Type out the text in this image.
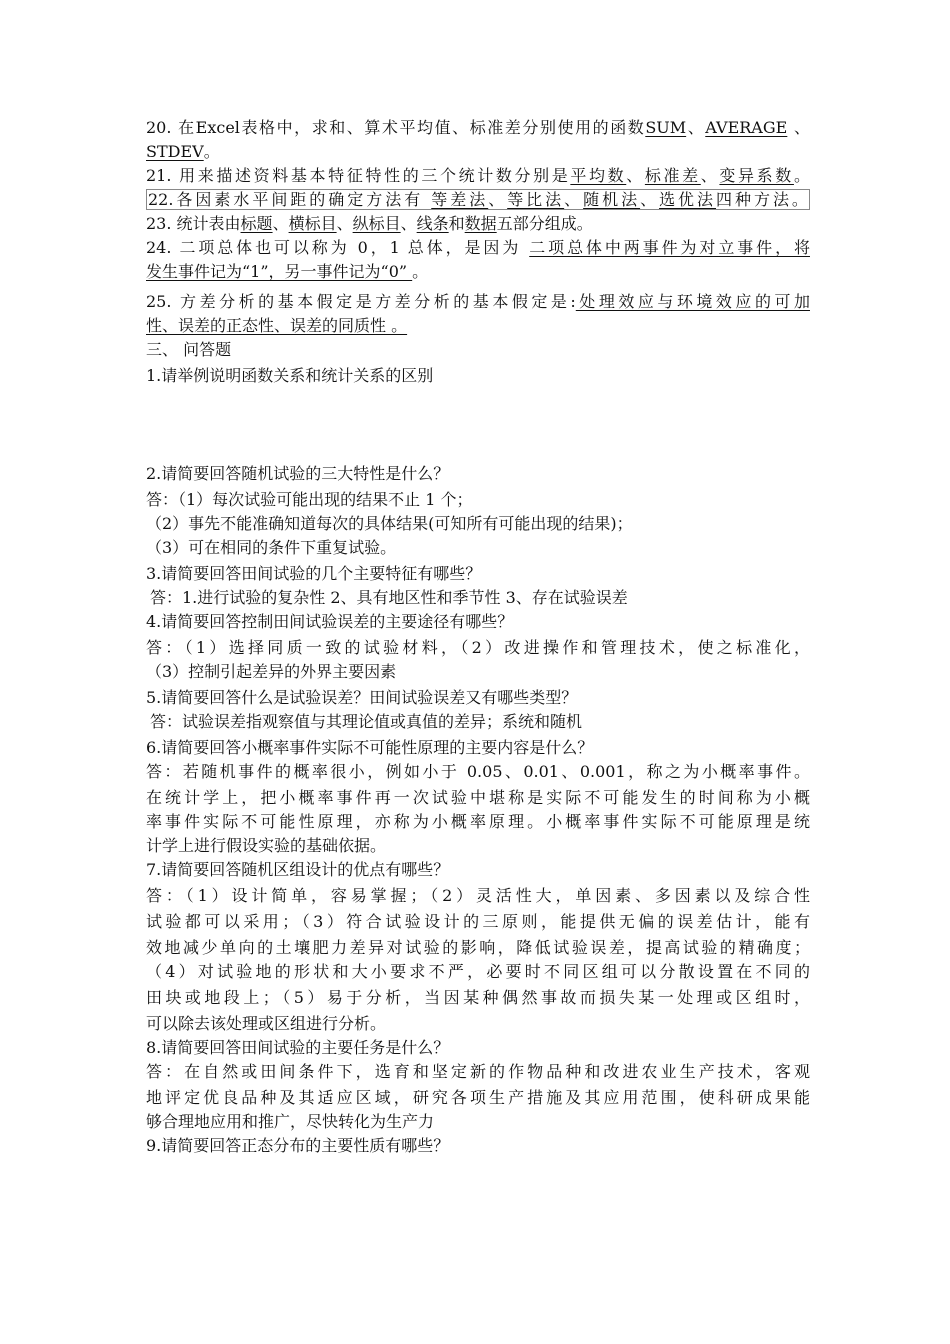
20. 在Excel表格中，求和、算术平均值、标准差分别使用的函数SUM、AVERAGE 、
STDEV。
21. 用来描述资料基本特征特性的三个统计数分别是平均数、标准差、变异系数。
22.各因素水平间距的确定方法有 等差法、等比法、随机法、选优法四种方法。
23. 统计表由标题、横标目、纵标目、线条和数据五部分组成。
24. 二项总体也可以称为 0，1 总体，是因为 二项总体中两事件为对立事件，将
发生事件记为“1”，另一事件记为“0” 。
25. 方差分析的基本假定是方差分析的基本假定是:处理效应与环境效应的可加
性、误差的正态性、误差的同质性 。
三、 问答题
1.请举例说明函数关系和统计关系的区别
2.请简要回答随机试验的三大特性是什么？
答：（1）每次试验可能出现的结果不止 1 个；
（2）事先不能准确知道每次的具体结果(可知所有可能出现的结果)；
（3）可在相同的条件下重复试验。
3.请简要回答田间试验的几个主要特征有哪些？
答：1.进行试验的复杂性 2、具有地区性和季节性 3、存在试验误差
4.请简要回答控制田间试验误差的主要途径有哪些？
答：（1）选择同质一致的试验材料，（2）改进操作和管理技术，使之标准化，
（3）控制引起差异的外界主要因素
5.请简要回答什么是试验误差？田间试验误差又有哪些类型？
答：试验误差指观察值与其理论值或真值的差异；系统和随机
6.请简要回答小概率事件实际不可能性原理的主要内容是什么？
答：若随机事件的概率很小，例如小于 0.05、0.01、0.001，称之为小概率事件。
在统计学上，把小概率事件再一次试验中堪称是实际不可能发生的时间称为小概
率事件实际不可能性原理，亦称为小概率原理。小概率事件实际不可能原理是统
计学上进行假设实验的基础依据。
7.请简要回答随机区组设计的优点有哪些？
答：（1）设计简单，容易掌握；（2）灵活性大，单因素、多因素以及综合性
试验都可以采用；（3）符合试验设计的三原则，能提供无偏的误差估计，能有
效地减少单向的土壤肥力差异对试验的影响，降低试验误差，提高试验的精确度；
（4）对试验地的形状和大小要求不严，必要时不同区组可以分散设置在不同的
田块或地段上；（5）易于分析，当因某种偶然事故而损失某一处理或区组时，
可以除去该处理或区组进行分析。
8.请简要回答田间试验的主要任务是什么？
答：在自然或田间条件下，选育和坚定新的作物品种和改进农业生产技术，客观
地评定优良品种及其适应区域，研究各项生产措施及其应用范围，使科研成果能
够合理地应用和推广，尽快转化为生产力
9.请简要回答正态分布的主要性质有哪些？
